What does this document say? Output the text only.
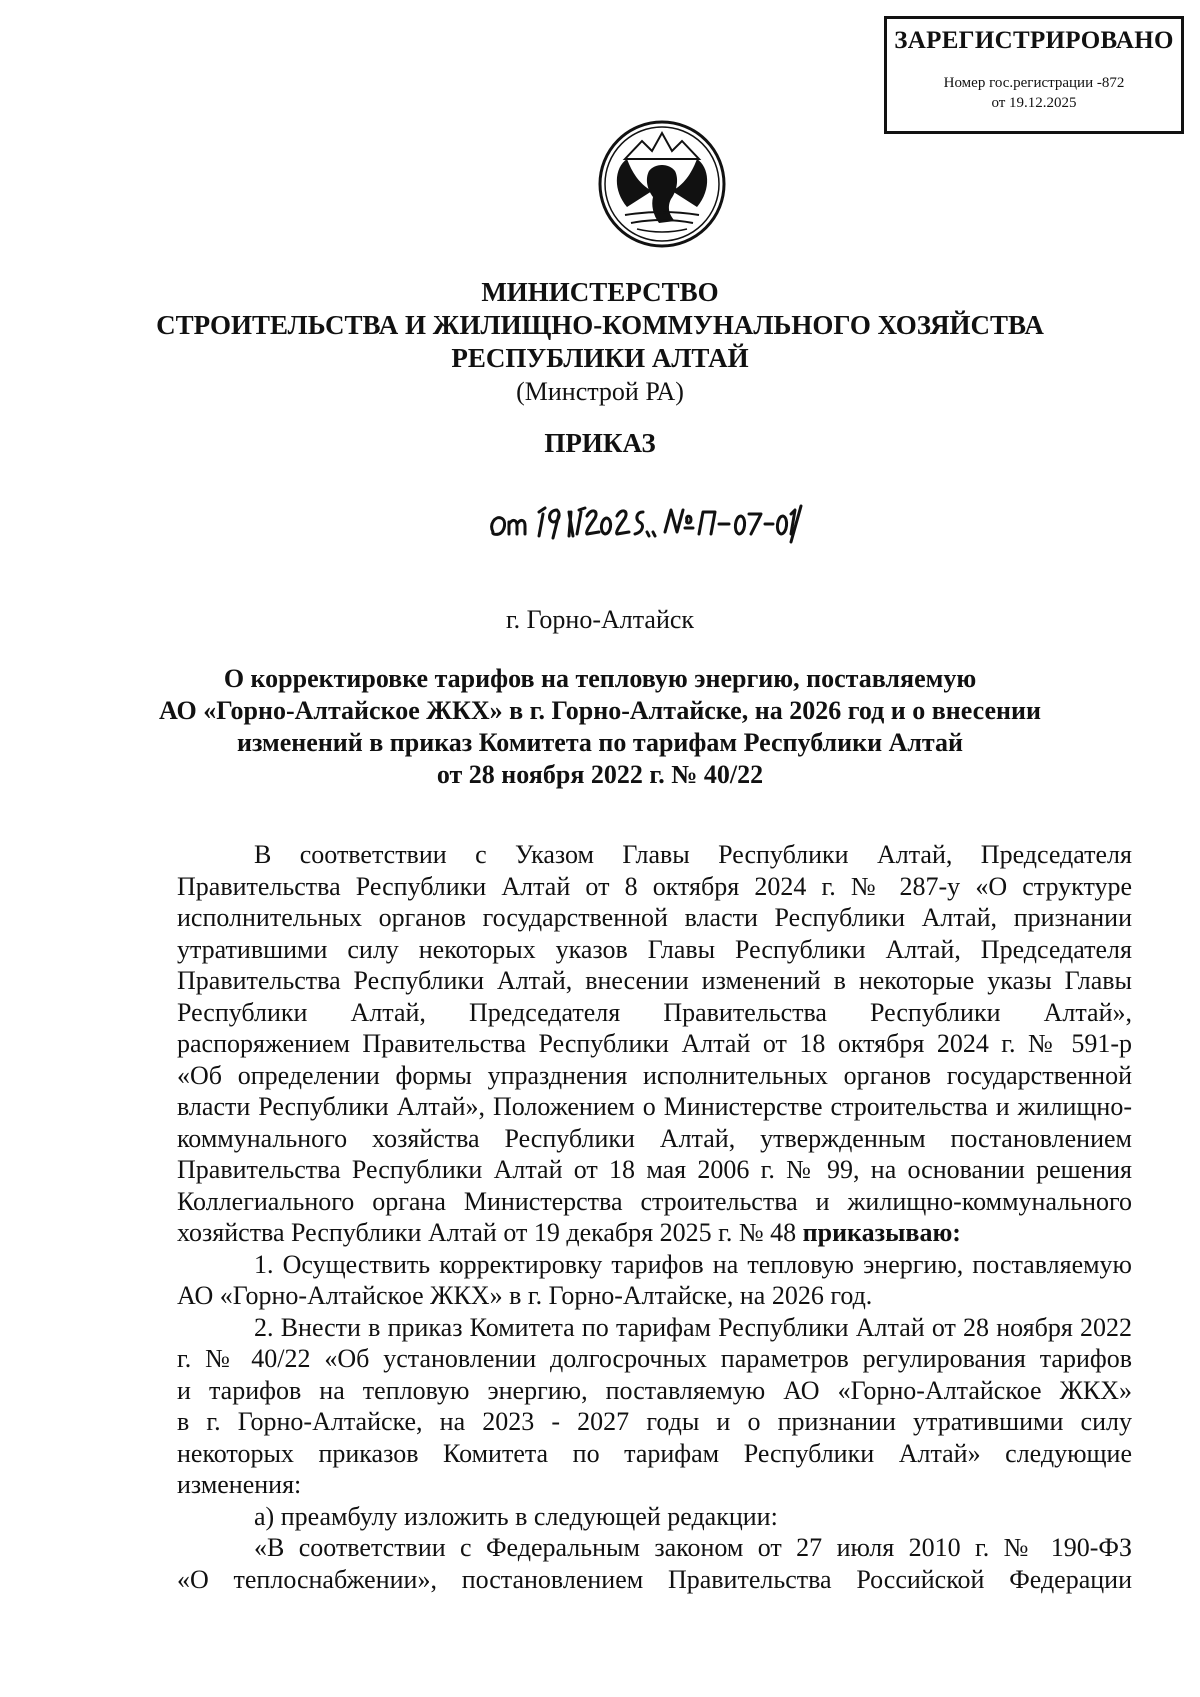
ЗАРЕГИСТРИРОВАНО
Номер гос.регистрации -872
от 19.12.2025
МИНИСТЕРСТВО
СТРОИТЕЛЬСТВА И ЖИЛИЩНО-КОММУНАЛЬНОГО ХОЗЯЙСТВА
РЕСПУБЛИКИ АЛТАЙ
(Минстрой РА)
ПРИКАЗ
г. Горно-Алтайск
О корректировке тарифов на тепловую энергию, поставляемую
АО «Горно-Алтайское ЖКХ» в г. Горно-Алтайске, на 2026 год и о внесении
изменений в приказ Комитета по тарифам Республики Алтай
от 28 ноября 2022 г. № 40/22

В соответствии с Указом Главы Республики Алтай, Председателя

Правительства Республики Алтай от 8 октября 2024 г. № 287-у «О структуре

исполнительных органов государственной власти Республики Алтай, признании

утратившими силу некоторых указов Главы Республики Алтай, Председателя

Правительства Республики Алтай, внесении изменений в некоторые указы Главы

Республики Алтай, Председателя Правительства Республики Алтай»,

распоряжением Правительства Республики Алтай от 18 октября 2024 г. № 591-р

«Об определении формы упразднения исполнительных органов государственной

власти Республики Алтай», Положением о Министерстве строительства и жилищно-

коммунального хозяйства Республики Алтай, утвержденным постановлением

Правительства Республики Алтай от 18 мая 2006 г. № 99, на основании решения

Коллегиального органа Министерства строительства и жилищно-коммунального

хозяйства Республики Алтай от 19 декабря 2025 г. № 48 приказываю:

1. Осуществить корректировку тарифов на тепловую энергию, поставляемую

АО «Горно-Алтайское ЖКХ» в г. Горно-Алтайске, на 2026 год.

2. Внести в приказ Комитета по тарифам Республики Алтай от 28 ноября 2022

г. № 40/22 «Об установлении долгосрочных параметров регулирования тарифов

и тарифов на тепловую энергию, поставляемую АО «Горно-Алтайское ЖКХ»

в г. Горно-Алтайске, на 2023 - 2027 годы и о признании утратившими силу

некоторых приказов Комитета по тарифам Республики Алтай» следующие

изменения:

а) преамбулу изложить в следующей редакции:

«В соответствии с Федеральным законом от 27 июля 2010 г. № 190-ФЗ

«О теплоснабжении», постановлением Правительства Российской Федерации
